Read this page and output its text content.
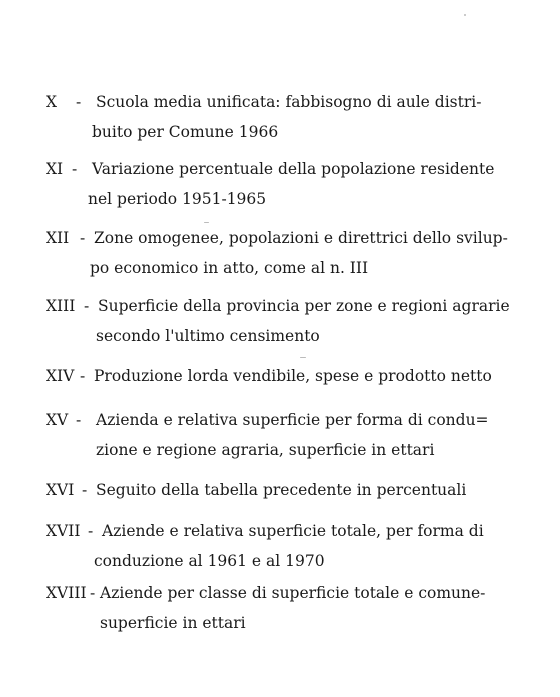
X - Scuola media unificata: fabbisogno di aule distri-
buito per Comune 1966
XI - Variazione percentuale della popolazione residente
nel periodo 1951-1965
XII - Zone omogenee, popolazioni e direttrici dello svilup-
po economico in atto, come al n. III
XIII - Superficie della provincia per zone e regioni agrarie
secondo l'ultimo censimento
XIV - Produzione lorda vendibile, spese e prodotto netto
XV - Azienda e relativa superficie per forma di condu=
zione e regione agraria, superficie in ettari
XVI - Seguito della tabella precedente in percentuali
XVII - Aziende e relativa superficie totale, per forma di
conduzione al 1961 e al 1970
XVIII - Aziende per classe di superficie totale e comune-
superficie in ettari
